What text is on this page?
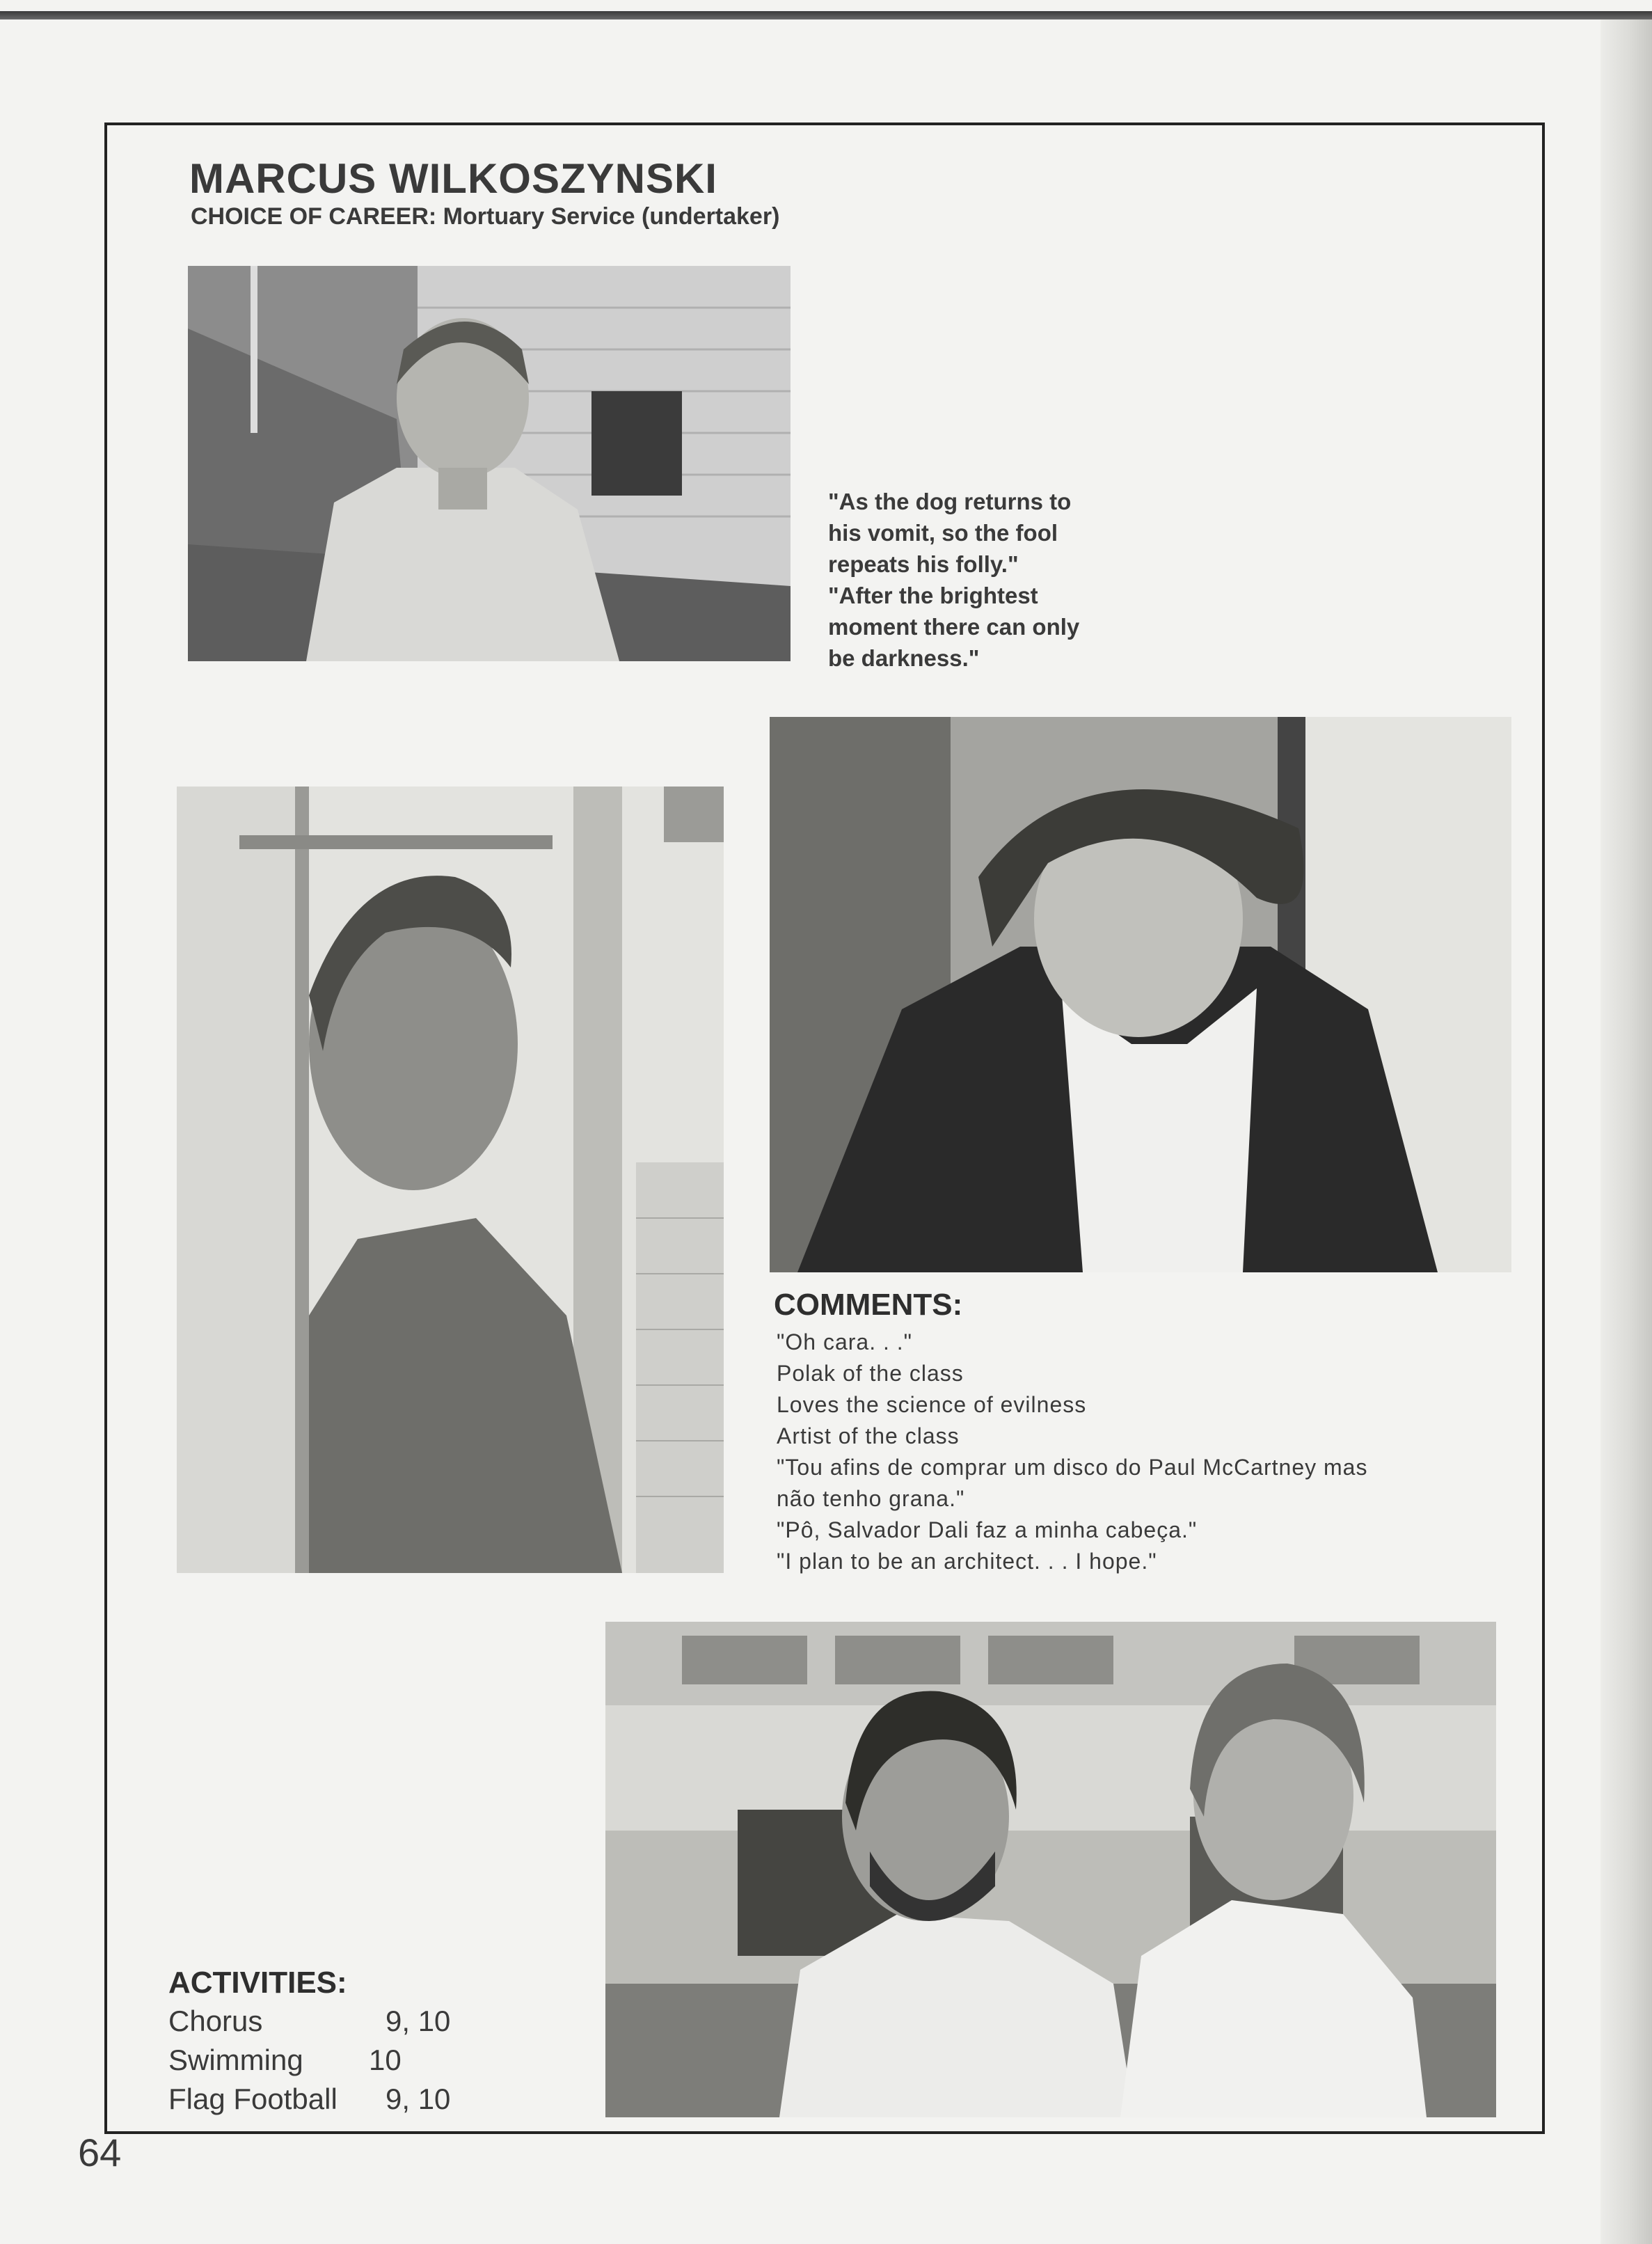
MARCUS WILKOSZYNSKI
CHOICE OF CAREER: Mortuary Service (undertaker)
"As the dog returns to
his vomit, so the fool
repeats his folly."
"After the brightest
moment there can only
be darkness."
COMMENTS:
"Oh cara. . ."
Polak of the class
Loves the science of evilness
Artist of the class
"Tou afins de comprar um disco do Paul McCartney mas
não tenho grana."
"Pô, Salvador Dali faz a minha cabeça."
"I plan to be an architect. . . I hope."
ACTIVITIES:
Chorus	9, 10
Swimming 10
Flag Football 9, 10
64
